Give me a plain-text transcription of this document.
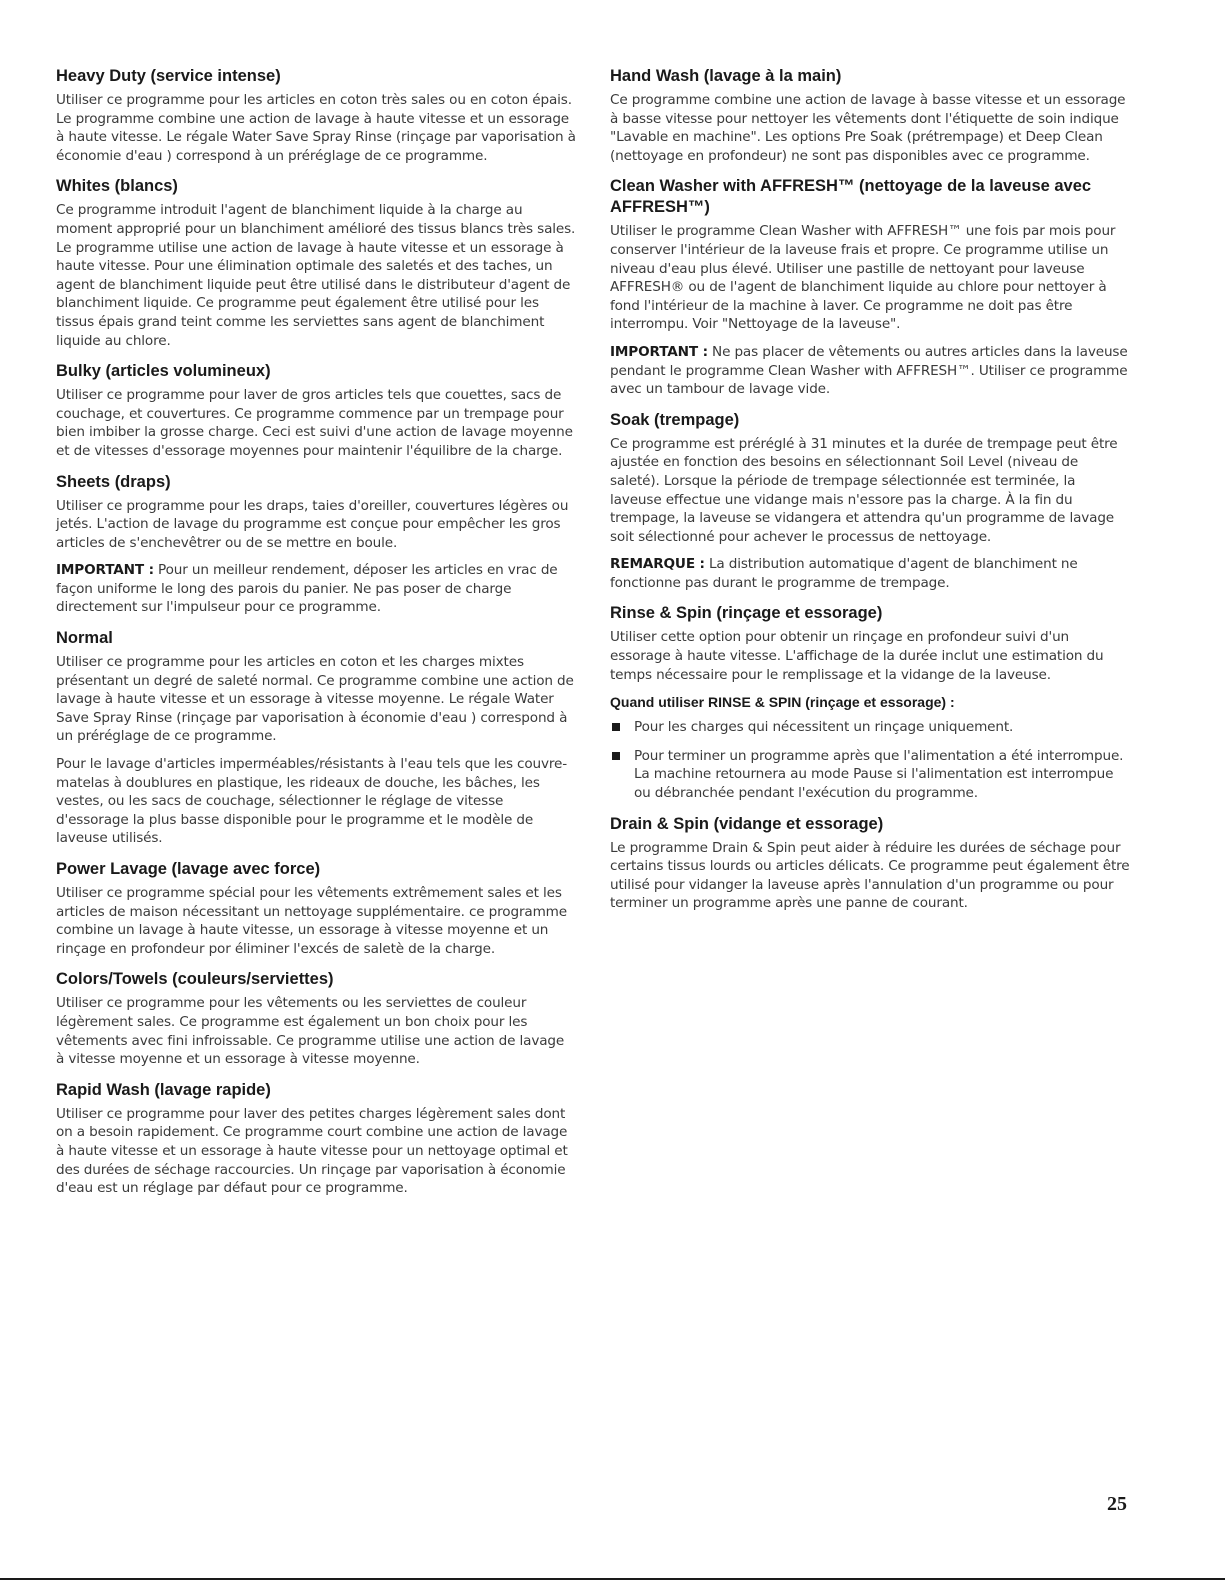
Heavy Duty (service intense)

Utiliser ce programme pour les articles en coton très sales ou en coton épais. Le programme combine une action de lavage à haute vitesse et un essorage à haute vitesse. Le régale Water Save Spray Rinse (rinçage par vaporisation à économie d'eau ) correspond à un préréglage de ce programme.

Whites (blancs)

Ce programme introduit l'agent de blanchiment liquide à la charge au moment approprié pour un blanchiment amélioré des tissus blancs très sales. Le programme utilise une action de lavage à haute vitesse et un essorage à haute vitesse. Pour une élimination optimale des saletés et des taches, un agent de blanchiment liquide peut être utilisé dans le distributeur d'agent de blanchiment liquide. Ce programme peut également être utilisé pour les tissus épais grand teint comme les serviettes sans agent de blanchiment liquide au chlore.

Bulky (articles volumineux)

Utiliser ce programme pour laver de gros articles tels que couettes, sacs de couchage, et couvertures. Ce programme commence par un trempage pour bien imbiber la grosse charge. Ceci est suivi d'une action de lavage moyenne et de vitesses d'essorage moyennes pour maintenir l'équilibre de la charge.

Sheets (draps)

Utiliser ce programme pour les draps, taies d'oreiller, couvertures légères ou jetés. L'action de lavage du programme est conçue pour empêcher les gros articles de s'enchevêtrer ou de se mettre en boule.

IMPORTANT : Pour un meilleur rendement, déposer les articles en vrac de façon uniforme le long des parois du panier. Ne pas poser de charge directement sur l'impulseur pour ce programme.

Normal

Utiliser ce programme pour les articles en coton et les charges mixtes présentant un degré de saleté normal. Ce programme combine une action de lavage à haute vitesse et un essorage à vitesse moyenne. Le régale Water Save Spray Rinse (rinçage par vaporisation à économie d'eau ) correspond à un préréglage de ce programme.

Pour le lavage d'articles imperméables/résistants à l'eau tels que les couvre-matelas à doublures en plastique, les rideaux de douche, les bâches, les vestes, ou les sacs de couchage, sélectionner le réglage de vitesse d'essorage la plus basse disponible pour le programme et le modèle de laveuse utilisés.

Power Lavage (lavage avec force)

Utiliser ce programme spécial pour les vêtements extrêmement sales et les articles de maison nécessitant un nettoyage supplémentaire. ce programme combine un lavage à haute vitesse, un essorage à vitesse moyenne et un rinçage en profondeur por éliminer l'excés de saletè de la charge.

Colors/Towels (couleurs/serviettes)

Utiliser ce programme pour les vêtements ou les serviettes de couleur légèrement sales. Ce programme est également un bon choix pour les vêtements avec fini infroissable. Ce programme utilise une action de lavage à vitesse moyenne et un essorage à vitesse moyenne.

Rapid Wash (lavage rapide)

Utiliser ce programme pour laver des petites charges légèrement sales dont on a besoin rapidement. Ce programme court combine une action de lavage à haute vitesse et un essorage à haute vitesse pour un nettoyage optimal et des durées de séchage raccourcies. Un rinçage par vaporisation à économie d'eau est un réglage par défaut pour ce programme.

Hand Wash (lavage à la main)

Ce programme combine une action de lavage à basse vitesse et un essorage à basse vitesse pour nettoyer les vêtements dont l'étiquette de soin indique "Lavable en machine". Les options Pre Soak (prétrempage) et Deep Clean (nettoyage en profondeur) ne sont pas disponibles avec ce programme.

Clean Washer with AFFRESH™ (nettoyage de la laveuse avec AFFRESH™)

Utiliser le programme Clean Washer with AFFRESH™ une fois par mois pour conserver l'intérieur de la laveuse frais et propre. Ce programme utilise un niveau d'eau plus élevé. Utiliser une pastille de nettoyant pour laveuse AFFRESH® ou de l'agent de blanchiment liquide au chlore pour nettoyer à fond l'intérieur de la machine à laver. Ce programme ne doit pas être interrompu. Voir "Nettoyage de la laveuse".

IMPORTANT : Ne pas placer de vêtements ou autres articles dans la laveuse pendant le programme Clean Washer with AFFRESH™. Utiliser ce programme avec un tambour de lavage vide.

Soak (trempage)

Ce programme est préréglé à 31 minutes et la durée de trempage peut être ajustée en fonction des besoins en sélectionnant Soil Level (niveau de saleté). Lorsque la période de trempage sélectionnée est terminée, la laveuse effectue une vidange mais n'essore pas la charge. À la fin du trempage, la laveuse se vidangera et attendra qu'un programme de lavage soit sélectionné pour achever le processus de nettoyage.

REMARQUE : La distribution automatique d'agent de blanchiment ne fonctionne pas durant le programme de trempage.

Rinse & Spin (rinçage et essorage)

Utiliser cette option pour obtenir un rinçage en profondeur suivi d'un essorage à haute vitesse. L'affichage de la durée inclut une estimation du temps nécessaire pour le remplissage et la vidange de la laveuse.

Quand utiliser RINSE & SPIN (rinçage et essorage) :
Pour les charges qui nécessitent un rinçage uniquement.
Pour terminer un programme après que l'alimentation a été interrompue. La machine retournera au mode Pause si l'alimentation est interrompue ou débranchée pendant l'exécution du programme.
Drain & Spin (vidange et essorage)

Le programme Drain & Spin peut aider à réduire les durées de séchage pour certains tissus lourds ou articles délicats. Ce programme peut également être utilisé pour vidanger la laveuse après l'annulation d'un programme ou pour terminer un programme après une panne de courant.

25
